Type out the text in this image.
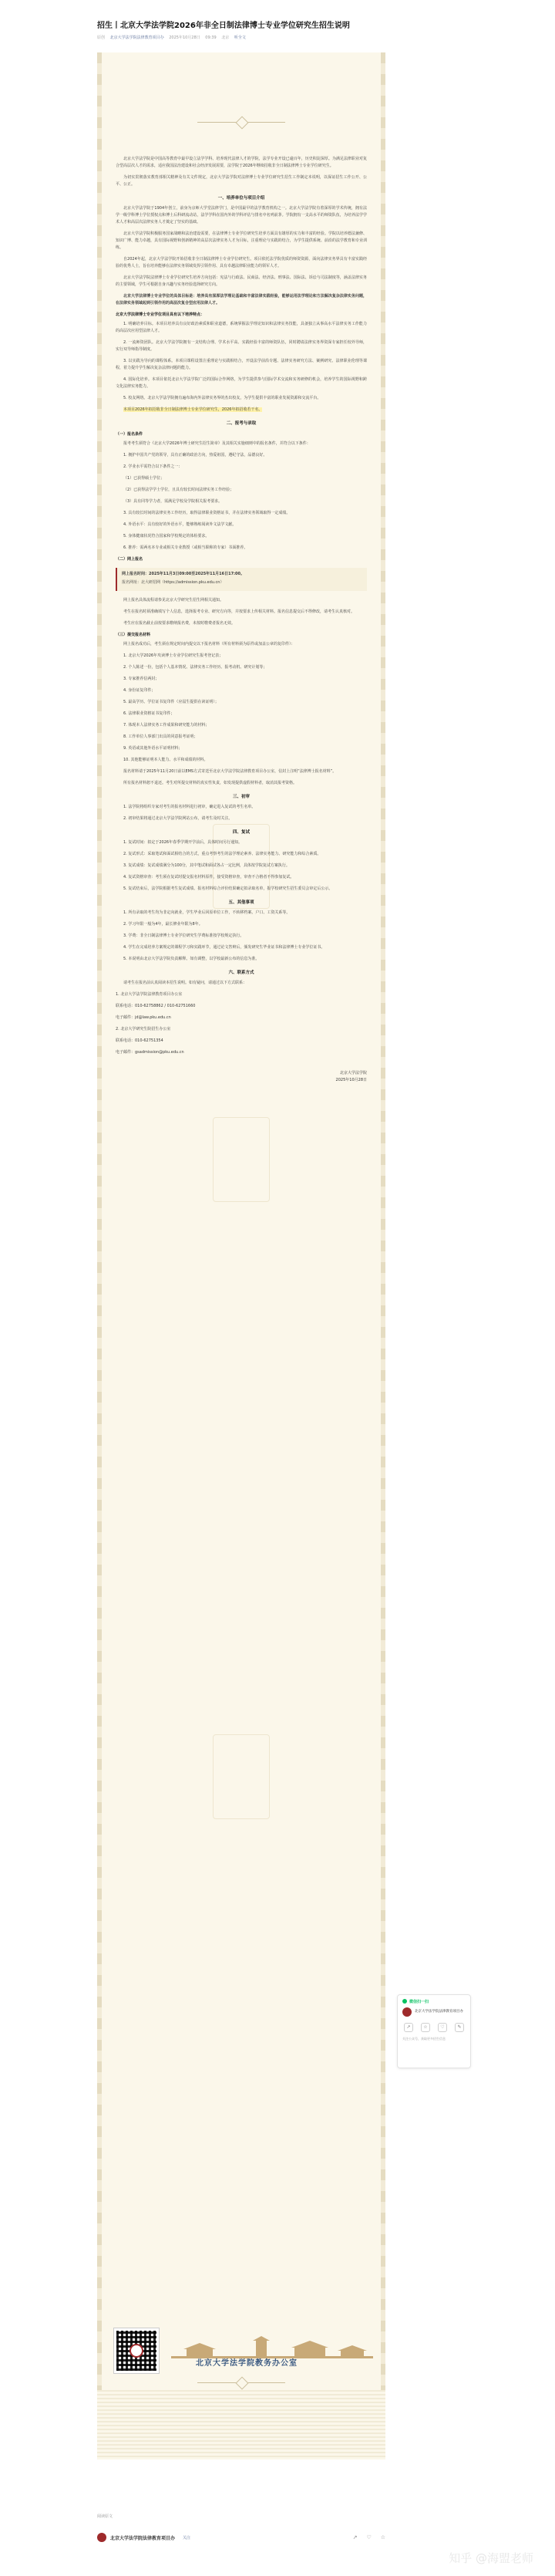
招生丨北京大学法学院2026年非全日制法律博士专业学位研究生招生说明
原创 北京大学法学院法律教育项目办 2025年10月28日 09:39 北京 听全文

北京大学法学院是中国高等教育中最早设立法学学科、培养现代法律人才的学院，法学专业开设已逾百年，历史积淀深厚。为满足法律职业对复合型高层次人才的需求，适应我国法治建设和社会经济发展需要，法学院于2026年继续招收非全日制法律博士专业学位研究生。

为切实贯彻落实教育部相关精神及有关文件规定，北京大学法学院对法律博士专业学位研究生招生工作制定本说明，以保证招生工作公开、公平、公正。

一、培养单位与项目介绍

北京大学法学院于1904年创立，前身为京师大学堂法律学门，是中国最早的法学教育机构之一。北京大学法学院有着深厚的学术传统，拥有法学一级学科博士学位授权点和博士后科研流动站，法学学科在国内外的学科评估与排名中名列前茅。学院拥有一支高水平的师资队伍，为培养法学学术人才和高层次法律实务人才奠定了坚实的基础。

北京大学法学院积极服务国家战略和法治建设需要，在法律博士专业学位研究生培养方面具有雄厚的实力和丰富的经验。学院以培养德法兼修、知识广博、能力卓越，具有国际视野和创新精神的高层次法律实务人才为目标，注重理论与实践的结合，为学生提供系统、前沿的法学教育和专业训练。

自2024年起，北京大学法学院开始招收非全日制法律博士专业学位研究生。项目依托法学院优质的师资资源，面向法律实务界具有丰富实践经验的优秀人士，旨在培养能够在法律实务领域发挥引领作用、具有卓越法律职业能力的领军人才。

北京大学法学院法律博士专业学位研究生培养方向包括：宪法与行政法、民商法、经济法、刑事法、国际法、诉讼与司法制度等，涵盖法律实务的主要领域，学生可根据自身兴趣与实务经验选择研究方向。

北京大学法律博士专业学位的具体目标是：培养具有深厚法学理论基础和丰富法律实践经验，能够运用法学理论和方法解决复杂法律实务问题，在法律实务领域起到引领作用的高层次复合型应用法律人才。

北京大学法律博士专业学位项目具有以下培养特点：

1. 明确培养目标。本项目培养具有良好政治素质和职业道德，系统掌握法学理论知识和法律实务技能，具备独立从事高水平法律实务工作能力的高层次应用型法律人才。

2. 一流师资团队。北京大学法学院拥有一支结构合理、学术水平高、实践经验丰富的师资队伍，同时聘请法律实务界资深专家担任校外导师，实行双导师指导制度。

3. 以实践为导向的课程体系。本项目课程设置注重理论与实践相结合，开设法学前沿专题、法律实务研究方法、案例研究、法律职业伦理等课程，着力提升学生解决复杂法律问题的能力。

4. 国际化培养。本项目依托北京大学法学院广泛的国际合作网络，为学生提供参与国际学术交流和实务研修的机会，培养学生的国际视野和跨文化法律实务能力。

5. 校友网络。北京大学法学院拥有遍布海内外法律实务界的杰出校友，为学生提供丰富的职业发展资源和交流平台。

本项目2026年拟招收非全日制法律博士专业学位研究生，2026年拟招收若干名。

二、报考与录取
（一）报名条件

报考考生须符合《北京大学2026年博士研究生招生简章》及其相关实施细则中的报名条件，并符合以下条件：

1. 拥护中国共产党的领导，具有正确的政治方向，热爱祖国，遵纪守法，品德良好。

2. 学业水平需符合以下条件之一：

（1）已获得硕士学位；

（2）已获得法学学士学位，且具有较长时间法律实务工作经验；

（3）具有同等学力者，需满足学校及学院相关报考要求。

3. 具有较长时间的法律实务工作经历，取得法律职业资格证书，并在法律实务领域取得一定成绩。

4. 外语水平：具有较好的外语水平，能够熟练阅读外文法学文献。

5. 身体健康状况符合国家和学校规定的体检要求。

6. 推荐：需两名本专业或相关专业教授（或相当职称的专家）书面推荐。

（二）网上报名

网上报名时间：2025年11月3日09:00至2025年11月16日17:00。

报名网址：北大研招网（https://admission.pku.edu.cn）

网上报名具体流程请参见北京大学研究生招生网相关通知。

考生在报名时须准确填写个人信息，选择报考专业、研究方向等，并按要求上传相关材料。报名信息提交后不得修改，请考生认真核对。

考生应在报名截止前按要求缴纳报名费，未按时缴费者报名无效。

（三）提交报名材料

网上报名成功后，考生须在规定时间内提交以下报名材料（所有材料须为原件或加盖公章的复印件）：

1. 北京大学2026年攻读博士专业学位研究生报考登记表；

2. 个人陈述一份，包括个人基本情况、法律实务工作经历、报考动机、研究计划等；

3. 专家推荐信两封；

4. 身份证复印件；

5. 最高学历、学位证书复印件（应届生提供在读证明）；

6. 法律职业资格证书复印件；

7. 体现本人法律实务工作成果和研究能力的材料；

8. 工作单位人事部门出具的同意报考证明；

9. 英语或其他外语水平证明材料；

10. 其他能够证明本人能力、水平和成绩的材料。

报名材料请于2025年11月20日前以EMS方式寄送至北京大学法学院法律教育项目办公室，信封上注明“法律博士报名材料”。

所有报名材料恕不退还。考生对所提交材料的真实性负责，如发现提供虚假材料者，取消其报考资格。

三、初审

1. 法学院将组织专家对考生的报名材料进行初审，确定进入复试的考生名单。

2. 初审结果将通过北京大学法学院网站公布，请考生及时关注。

四、复试

1. 复试时间：拟定于2026年春季学期开学前后，具体时间另行通知。

2. 复试形式：采取笔试和面试相结合的方式，重点考察考生的法学理论素养、法律实务能力、研究能力和综合素质。

3. 复试成绩：复试成绩满分为100分，其中笔试和面试各占一定比例，具体按学院复试方案执行。

4. 复试资格审查：考生须在复试时提交报名材料原件，接受资格审查，审查不合格者不得参加复试。

5. 复试结束后，法学院根据考生复试成绩、报名材料综合评价结果确定拟录取名单，报学校研究生招生委员会审定后公示。

五、其他事项

1. 所有录取的考生均为非定向就业，学生毕业后回原单位工作，不转移档案、户口、工资关系等。

2. 学习年限一般为4年，最长修业年限为8年。

3. 学费：非全日制法律博士专业学位研究生学费标准按学校规定执行。

4. 学生在完成培养方案规定的课程学习和实践环节，通过论文答辩后，颁发研究生毕业证书和法律博士专业学位证书。

5. 本说明由北京大学法学院负责解释。如有调整，以学校最新公布的信息为准。

六、联系方式

请考生在报名前认真阅读本招生说明。如有疑问，请通过以下方式联系：

1. 北京大学法学院法律教育项目办公室

联系电话：010-62758862 / 010-62751660

电子邮件：jd@law.pku.edu.cn

2. 北京大学研究生院招生办公室

联系电话：010-62751354

电子邮件：gsadmission@pku.edu.cn

北京大学法学院
2025年10月28日
北京大学法学院教务办公室
微信扫一扫
北京大学法学院法律教育项目办
↗	☆	♡	✎
关注公众号，获取更多招生信息
阅读原文
北京大学法学院法律教育项目办 关注	↗ ♡ ☆
知乎 @海盟老师
